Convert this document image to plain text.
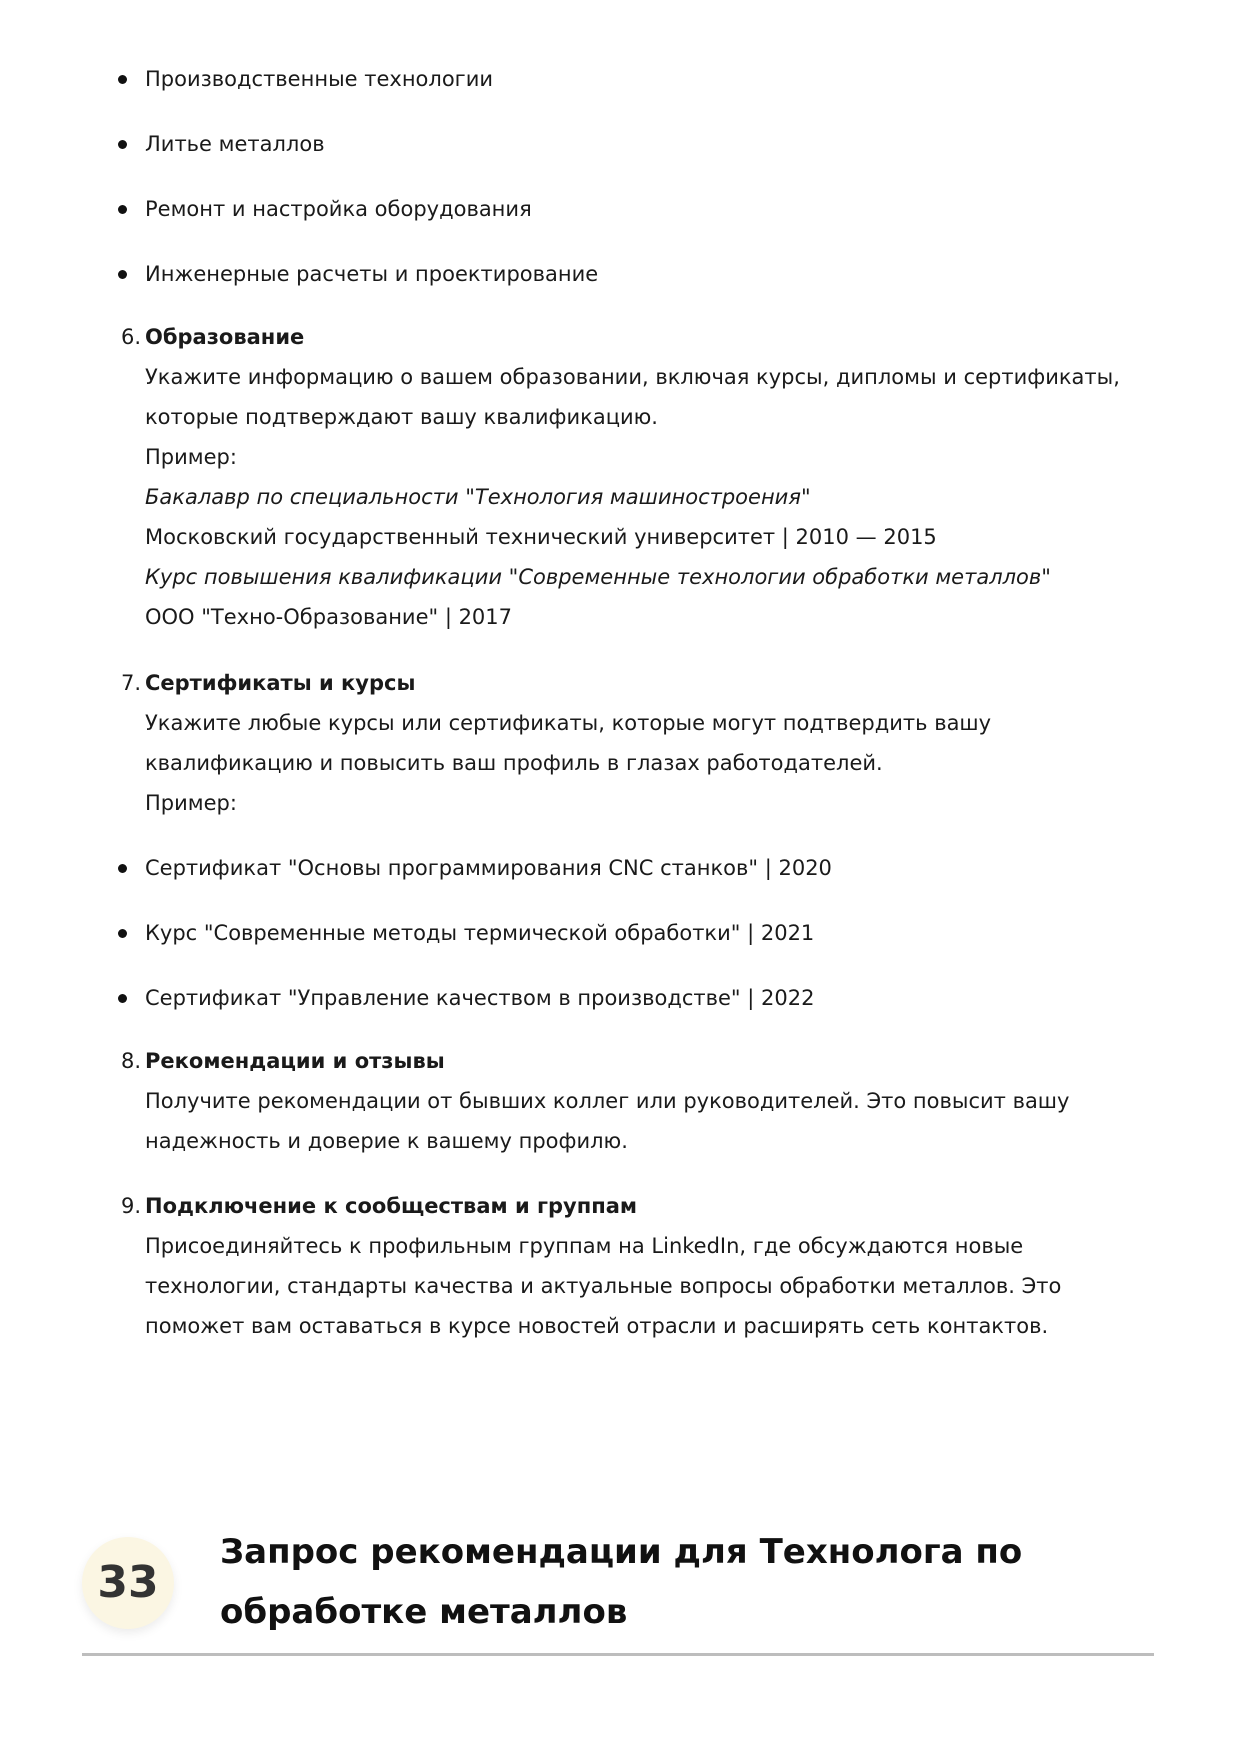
Производственные технологии
Литье металлов
Ремонт и настройка оборудования
Инженерные расчеты и проектирование
6. Образование
Укажите информацию о вашем образовании, включая курсы, дипломы и сертификаты,
которые подтверждают вашу квалификацию.
Пример:
Бакалавр по специальности "Технология машиностроения"
Московский государственный технический университет | 2010 — 2015
Курс повышения квалификации "Современные технологии обработки металлов"
ООО "Техно-Образование" | 2017
7. Сертификаты и курсы
Укажите любые курсы или сертификаты, которые могут подтвердить вашу
квалификацию и повысить ваш профиль в глазах работодателей.
Пример:
Сертификат "Основы программирования CNC станков" | 2020
Курс "Современные методы термической обработки" | 2021
Сертификат "Управление качеством в производстве" | 2022
8. Рекомендации и отзывы
Получите рекомендации от бывших коллег или руководителей. Это повысит вашу
надежность и доверие к вашему профилю.
9. Подключение к сообществам и группам
Присоединяйтесь к профильным группам на LinkedIn, где обсуждаются новые
технологии, стандарты качества и актуальные вопросы обработки металлов. Это
поможет вам оставаться в курсе новостей отрасли и расширять сеть контактов.
33
Запрос рекомендации для Технолога по
обработке металлов
